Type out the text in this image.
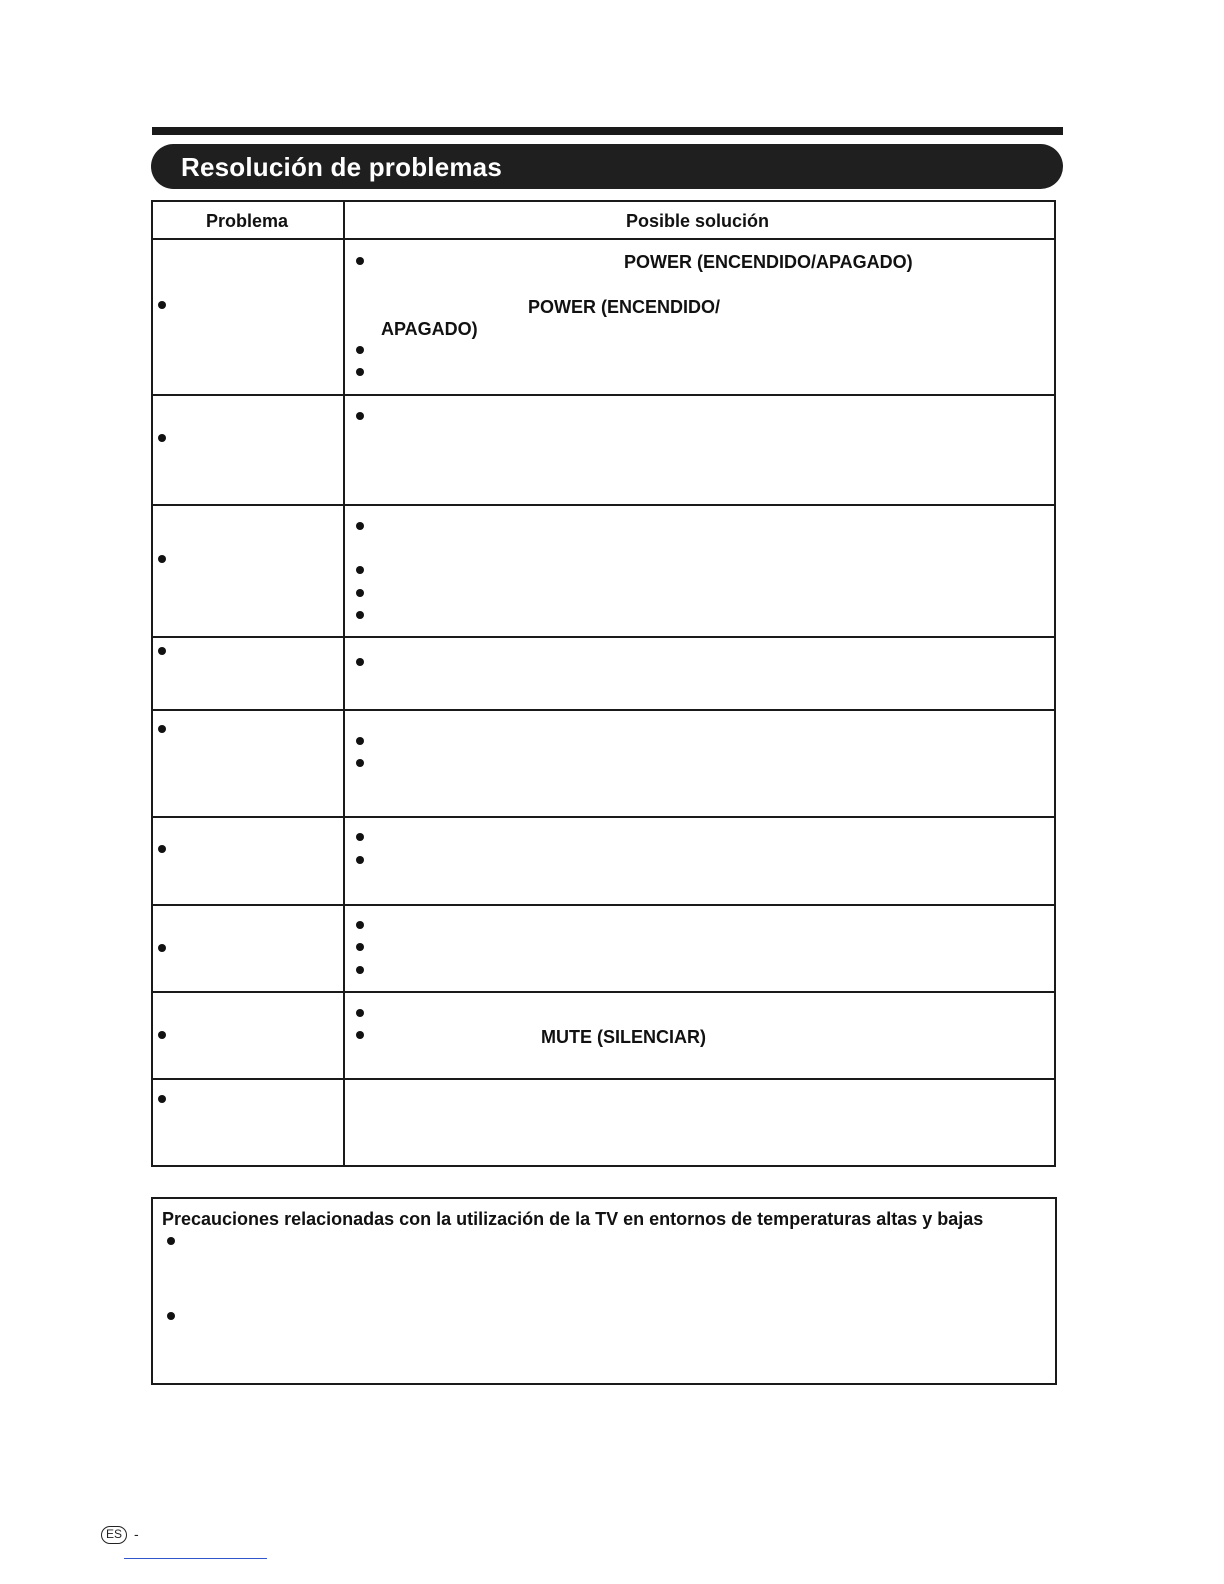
Resolución de problemas
Problema	Posible solución
POWER (ENCENDIDO/APAGADO)
POWER (ENCENDIDO/
APAGADO)
MUTE (SILENCIAR)
Precauciones relacionadas con la utilización de la TV en entornos de temperaturas altas y bajas
ES -
